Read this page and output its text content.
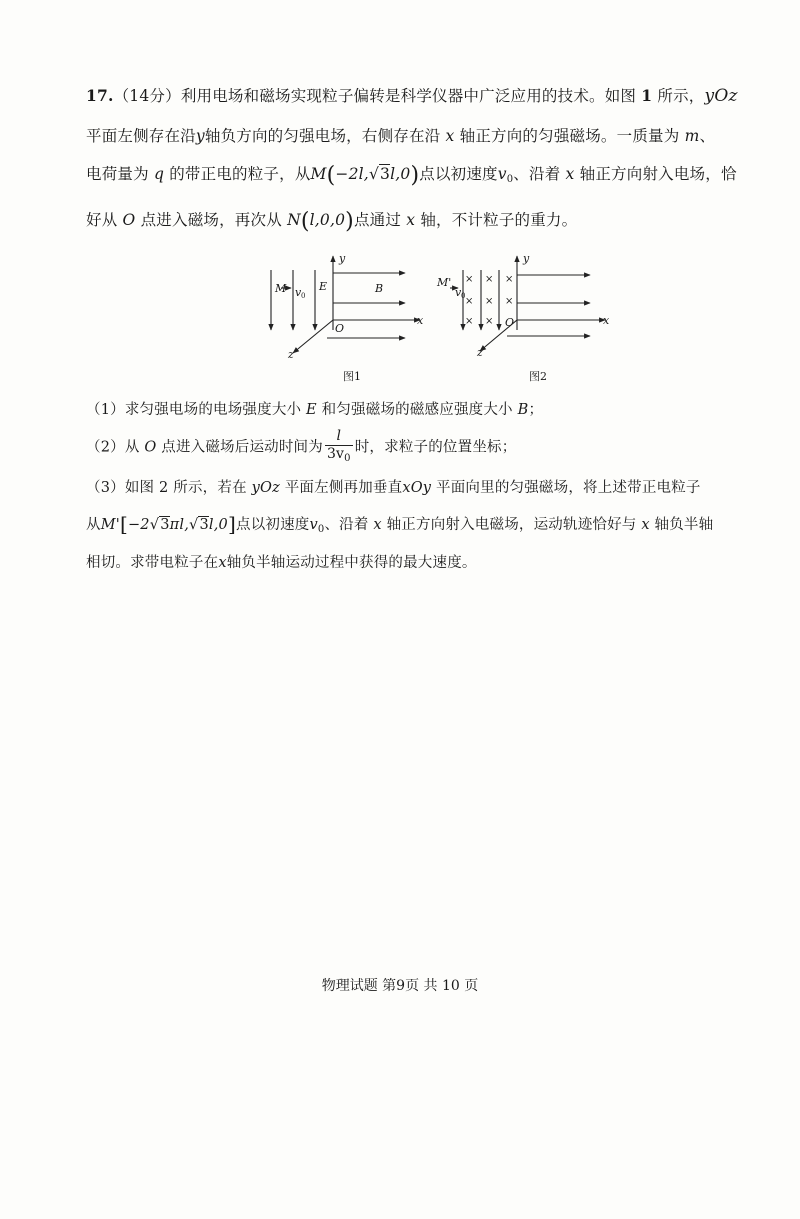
17.（14分）利用电场和磁场实现粒子偏转是科学仪器中广泛应用的技术。如图 1 所示，yOz
平面左侧存在沿y轴负方向的匀强电场，右侧存在沿 x 轴正方向的匀强磁场。一质量为 m、
电荷量为 q 的带正电的粒子，从M(−2l,√3l,0)点以初速度$v_0$、沿着 x 轴正方向射入电场，恰
好从 O 点进入磁场，再次从 N(l,0,0)点通过 x 轴，不计粒子的重力。
M v 0
E	B
O
x
y
z
图1
M'
v 0
O	x
y
z
× × ×
× × ×
× ×
图2
（1）求匀强电场的电场强度大小 E 和匀强磁场的磁感应强度大小 B；
（2）从 O 点进入磁场后运动时间为 $\frac{l}{3v_0}$ 时，求粒子的位置坐标；
（3）如图 2 所示，若在 yOz 平面左侧再加垂直xOy 平面向里的匀强磁场，将上述带正电粒子
从M'[−2√3πl,√3l,0]点以初速度$v_0$、沿着 x 轴正方向射入电磁场，运动轨迹恰好与 x 轴负半轴
相切。求带电粒子在x轴负半轴运动过程中获得的最大速度。
物理试题 第9页 共 10 页
